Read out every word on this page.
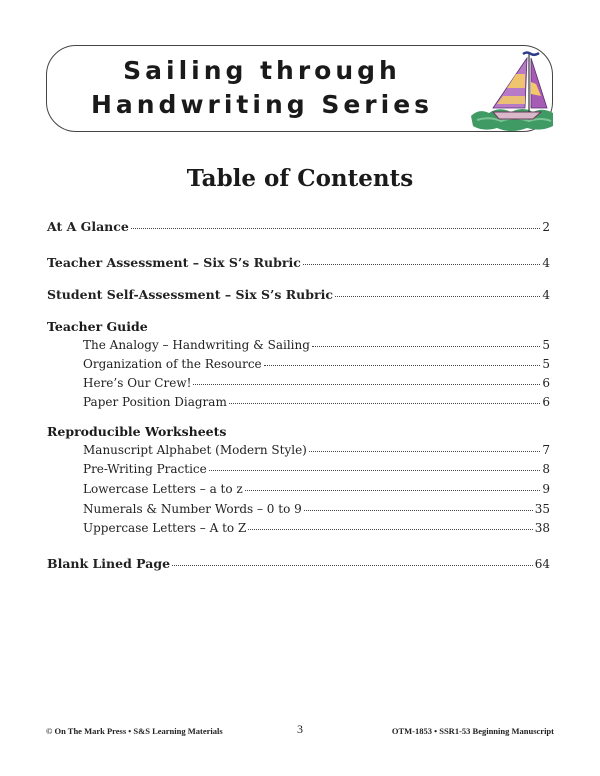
Sailing through
Handwriting Series
Table of Contents
At A Glance	2
Teacher Assessment – Six S’s Rubric	4
Student Self-Assessment – Six S’s Rubric	4
Teacher Guide
The Analogy – Handwriting & Sailing	5
Organization of the Resource	5
Here’s Our Crew!	6
Paper Position Diagram	6
Reproducible Worksheets
Manuscript Alphabet (Modern Style)	7
Pre-Writing Practice	8
Lowercase Letters – a to z	9
Numerals & Number Words – 0 to 9	35
Uppercase Letters – A to Z	38
Blank Lined Page	64
© On The Mark Press • S&S Learning Materials	3	OTM-1853 • SSR1-53 Beginning Manuscript
